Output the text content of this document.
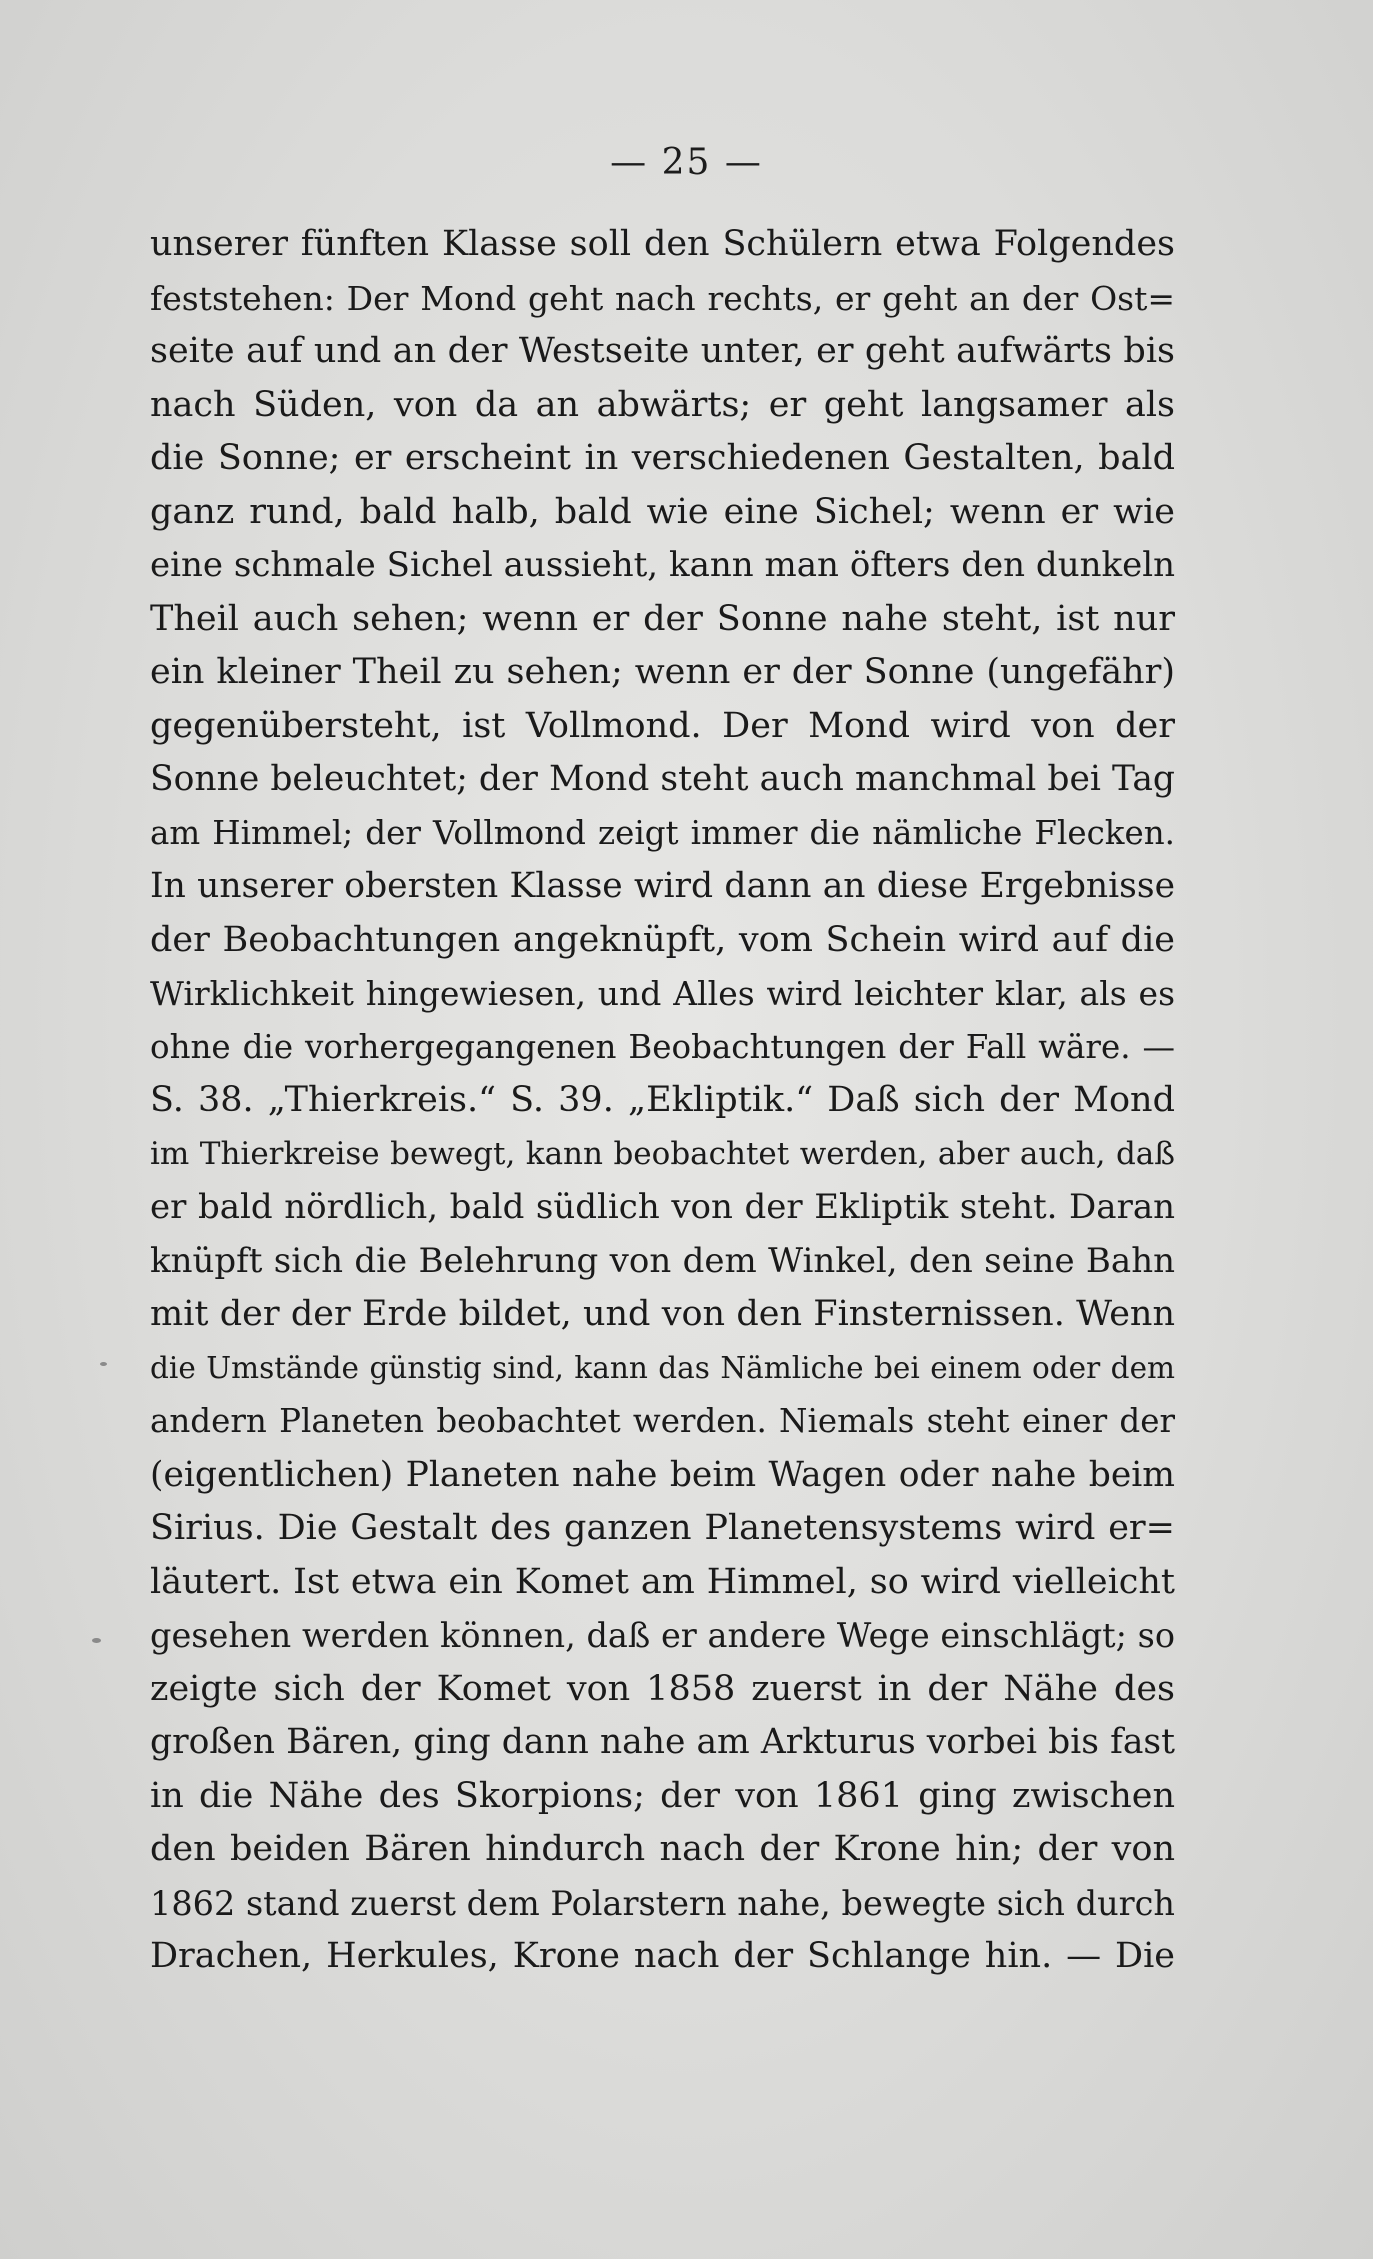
— 25 —
unserer fünften Klasse soll den Schülern etwa Folgendes
feststehen: Der Mond geht nach rechts, er geht an der Ost=
seite auf und an der Westseite unter, er geht aufwärts bis
nach Süden, von da an abwärts; er geht langsamer als
die Sonne; er erscheint in verschiedenen Gestalten, bald
ganz rund, bald halb, bald wie eine Sichel; wenn er wie
eine schmale Sichel aussieht, kann man öfters den dunkeln
Theil auch sehen; wenn er der Sonne nahe steht, ist nur
ein kleiner Theil zu sehen; wenn er der Sonne (ungefähr)
gegenübersteht, ist Vollmond. Der Mond wird von der
Sonne beleuchtet; der Mond steht auch manchmal bei Tag
am Himmel; der Vollmond zeigt immer die nämliche Flecken.
In unserer obersten Klasse wird dann an diese Ergebnisse
der Beobachtungen angeknüpft, vom Schein wird auf die
Wirklichkeit hingewiesen, und Alles wird leichter klar, als es
ohne die vorhergegangenen Beobachtungen der Fall wäre. —
S. 38. „Thierkreis.“ S. 39. „Ekliptik.“ Daß sich der Mond
im Thierkreise bewegt, kann beobachtet werden, aber auch, daß
er bald nördlich, bald südlich von der Ekliptik steht. Daran
knüpft sich die Belehrung von dem Winkel, den seine Bahn
mit der der Erde bildet, und von den Finsternissen. Wenn
die Umstände günstig sind, kann das Nämliche bei einem oder dem
andern Planeten beobachtet werden. Niemals steht einer der
(eigentlichen) Planeten nahe beim Wagen oder nahe beim
Sirius. Die Gestalt des ganzen Planetensystems wird er=
läutert. Ist etwa ein Komet am Himmel, so wird vielleicht
gesehen werden können, daß er andere Wege einschlägt; so
zeigte sich der Komet von 1858 zuerst in der Nähe des
großen Bären, ging dann nahe am Arkturus vorbei bis fast
in die Nähe des Skorpions; der von 1861 ging zwischen
den beiden Bären hindurch nach der Krone hin; der von
1862 stand zuerst dem Polarstern nahe, bewegte sich durch
Drachen, Herkules, Krone nach der Schlange hin. — Die
